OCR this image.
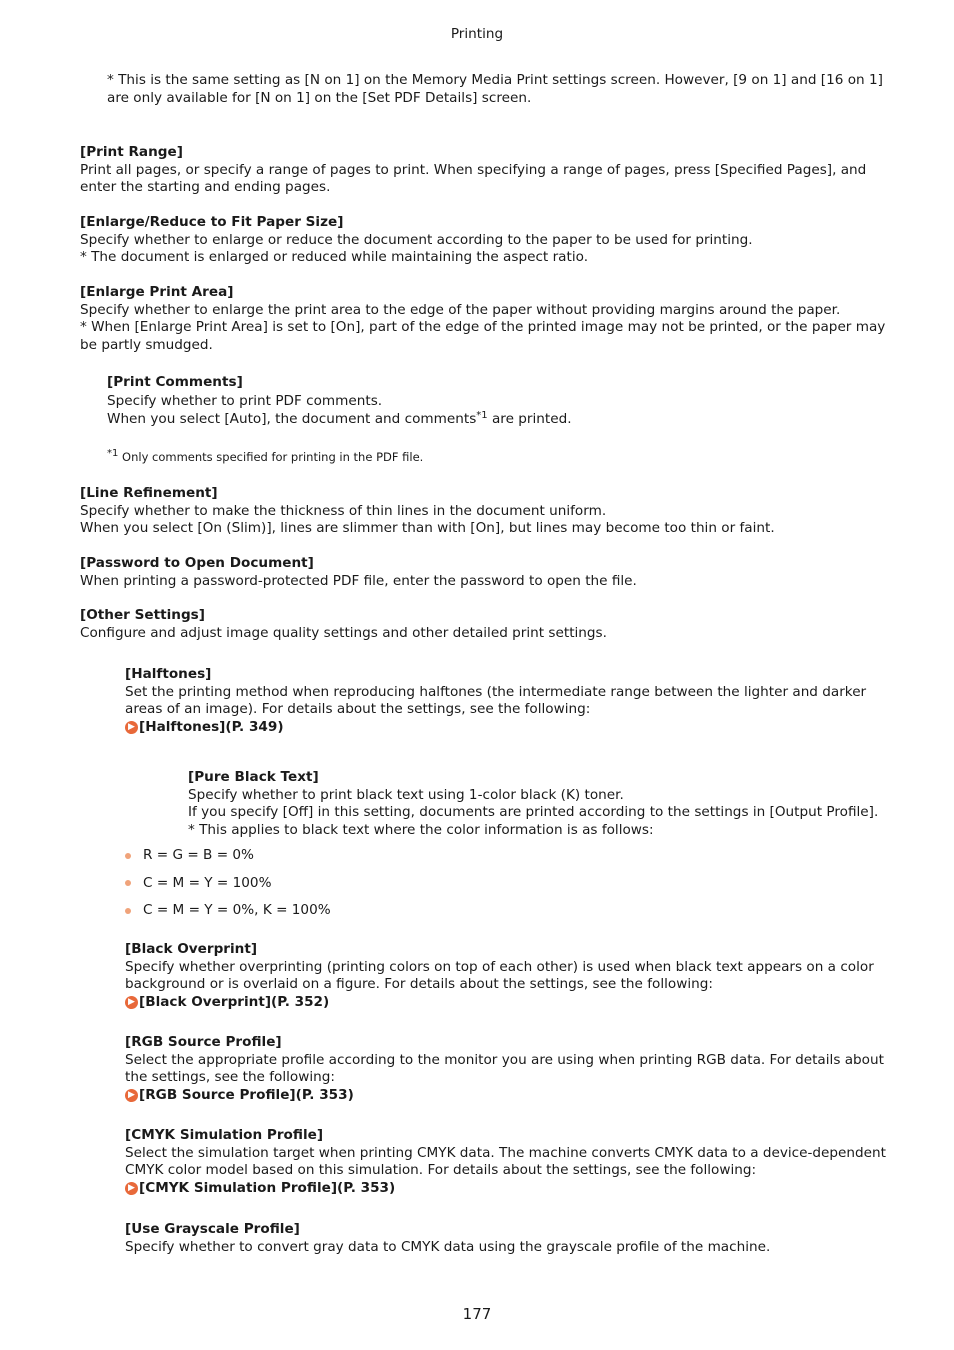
Printing
* This is the same setting as [N on 1] on the Memory Media Print settings screen. However, [9 on 1] and [16 on 1]
are only available for [N on 1] on the [Set PDF Details] screen.
[Print Range]
Print all pages, or specify a range of pages to print. When specifying a range of pages, press [Specified Pages], and
enter the starting and ending pages.
[Enlarge/Reduce to Fit Paper Size]
Specify whether to enlarge or reduce the document according to the paper to be used for printing.
* The document is enlarged or reduced while maintaining the aspect ratio.
[Enlarge Print Area]
Specify whether to enlarge the print area to the edge of the paper without providing margins around the paper.
* When [Enlarge Print Area] is set to [On], part of the edge of the printed image may not be printed, or the paper may
be partly smudged.
[Print Comments]
Specify whether to print PDF comments.
When you select [Auto], the document and comments$^{*1}$ are printed.
$^{*1}$ Only comments specified for printing in the PDF file.
[Line Refinement]
Specify whether to make the thickness of thin lines in the document uniform.
When you select [On (Slim)], lines are slimmer than with [On], but lines may become too thin or faint.
[Password to Open Document]
When printing a password-protected PDF file, enter the password to open the file.
[Other Settings]
Configure and adjust image quality settings and other detailed print settings.
[Halftones]
Set the printing method when reproducing halftones (the intermediate range between the lighter and darker
areas of an image). For details about the settings, see the following:
▶ [Halftones](P. 349)
[Pure Black Text]
Specify whether to print black text using 1-color black (K) toner.
If you specify [Off] in this setting, documents are printed according to the settings in [Output Profile].
* This applies to black text where the color information is as follows:
R = G = B = 0%
C = M = Y = 100%
C = M = Y = 0%, K = 100%
[Black Overprint]
Specify whether overprinting (printing colors on top of each other) is used when black text appears on a color
background or is overlaid on a figure. For details about the settings, see the following:
▶ [Black Overprint](P. 352)
[RGB Source Profile]
Select the appropriate profile according to the monitor you are using when printing RGB data. For details about
the settings, see the following:
▶ [RGB Source Profile](P. 353)
[CMYK Simulation Profile]
Select the simulation target when printing CMYK data. The machine converts CMYK data to a device-dependent
CMYK color model based on this simulation. For details about the settings, see the following:
▶ [CMYK Simulation Profile](P. 353)
[Use Grayscale Profile]
Specify whether to convert gray data to CMYK data using the grayscale profile of the machine.
177
